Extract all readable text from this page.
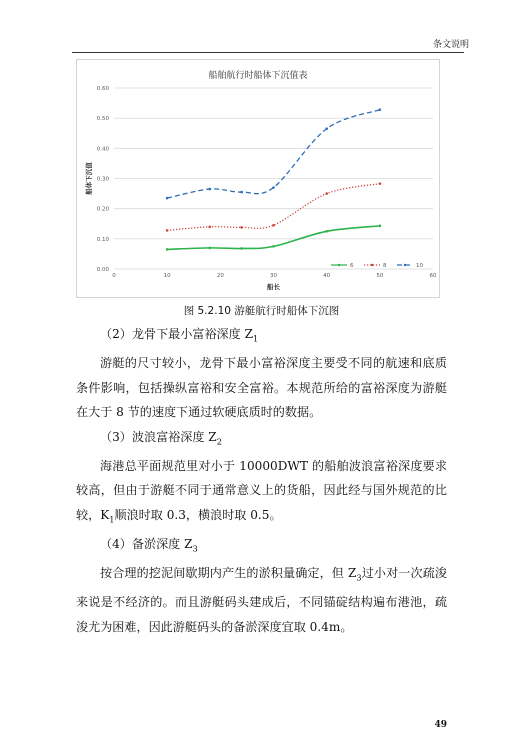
条文说明
船舶航行时船体下沉值表
0.00
0.10
0.20
0.30
0.40
0.50
0.60
0	10	20	30	40	50	60
船长
船体下沉值
6	8	10
图 5.2.10 游艇航行时船体下沉图

（2）龙骨下最小富裕深度 $Z_1$

游艇的尺寸较小，龙骨下最小富裕深度主要受不同的航速和底质条件影响，包括操纵富裕和安全富裕。本规范所给的富裕深度为游艇在大于 8 节的速度下通过软硬底质时的数据。

（3）波浪富裕深度 $Z_2$

海港总平面规范里对小于 10000DWT 的船舶波浪富裕深度要求较高，但由于游艇不同于通常意义上的货船，因此经与国外规范的比较，$K_1$顺浪时取 0.3，横浪时取 0.5。

（4）备淤深度 $Z_3$

按合理的挖泥间歇期内产生的淤积量确定，但 $Z_3$过小对一次疏浚来说是不经济的。而且游艇码头建成后，不同锚碇结构遍布港池，疏浚尤为困难，因此游艇码头的备淤深度宜取 0.4m。

49
